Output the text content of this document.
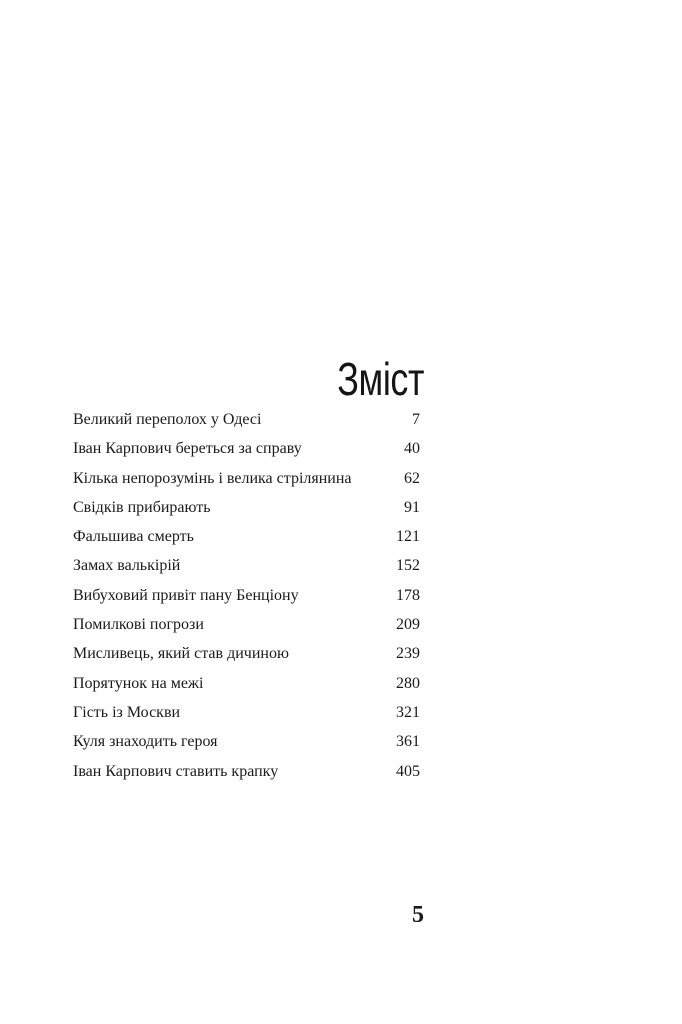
Зміст
Великий переполох у Одесі	7
Іван Карпович береться за справу	40
Кілька непорозумінь і велика стрілянина	62
Свідків прибирають	91
Фальшива смерть	121
Замах валькірій	152
Вибуховий привіт пану Бенціону	178
Помилкові погрози	209
Мисливець, який став дичиною	239
Порятунок на межі	280
Гість із Москви	321
Куля знаходить героя	361
Іван Карпович ставить крапку	405
5
